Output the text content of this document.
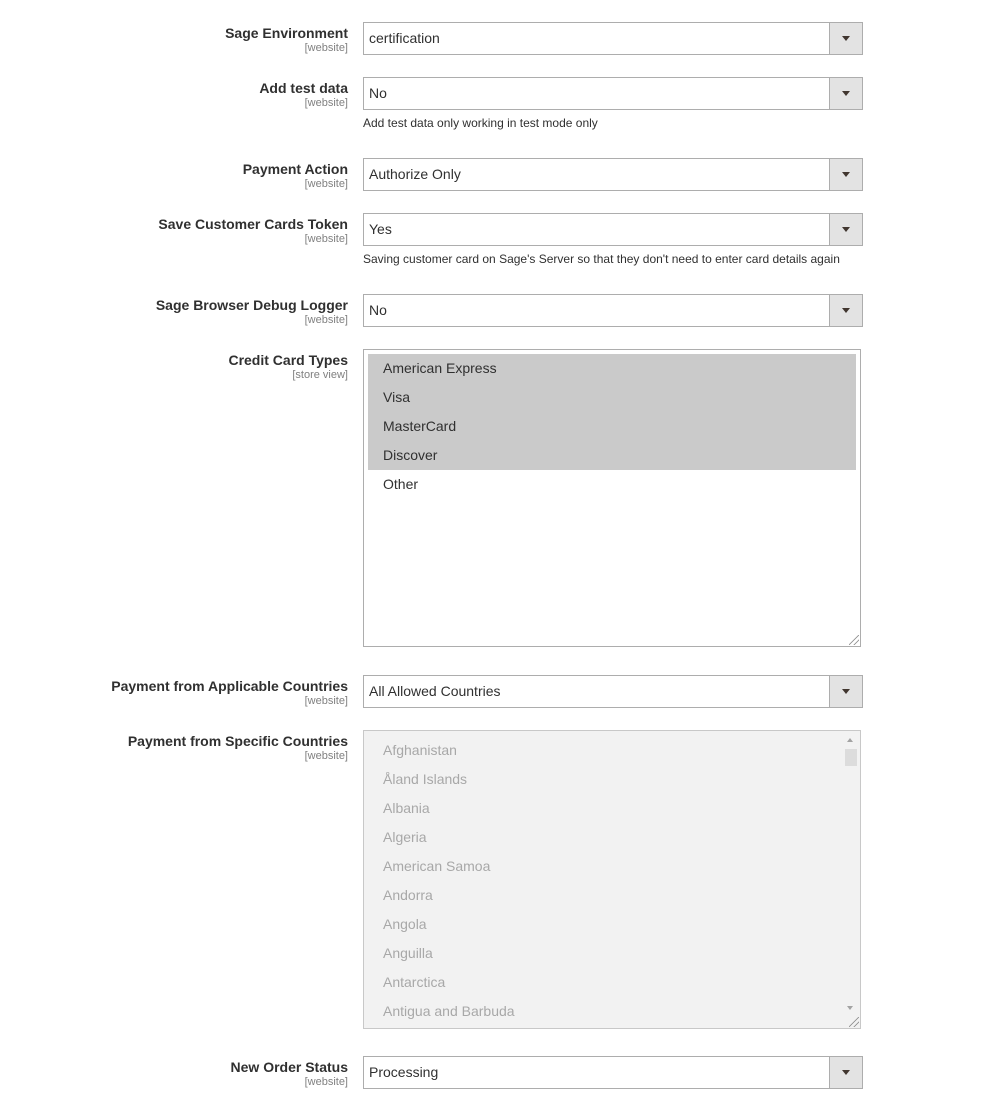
Sage Environment
[website]
certification
Add test data
[website]
No
Add test data only working in test mode only
Payment Action
[website]
Authorize Only
Save Customer Cards Token
[website]
Yes
Saving customer card on Sage's Server so that they don't need to enter card details again
Sage Browser Debug Logger
[website]
No
Credit Card Types
[store view]	American Express
Visa
MasterCard
Discover
Other
Payment from Applicable Countries
[website]
All Allowed Countries
Payment from Specific Countries
[website]	Afghanistan
Åland Islands
Albania
Algeria
American Samoa
Andorra
Angola
Anguilla
Antarctica
Antigua and Barbuda
New Order Status
[website]
Processing
